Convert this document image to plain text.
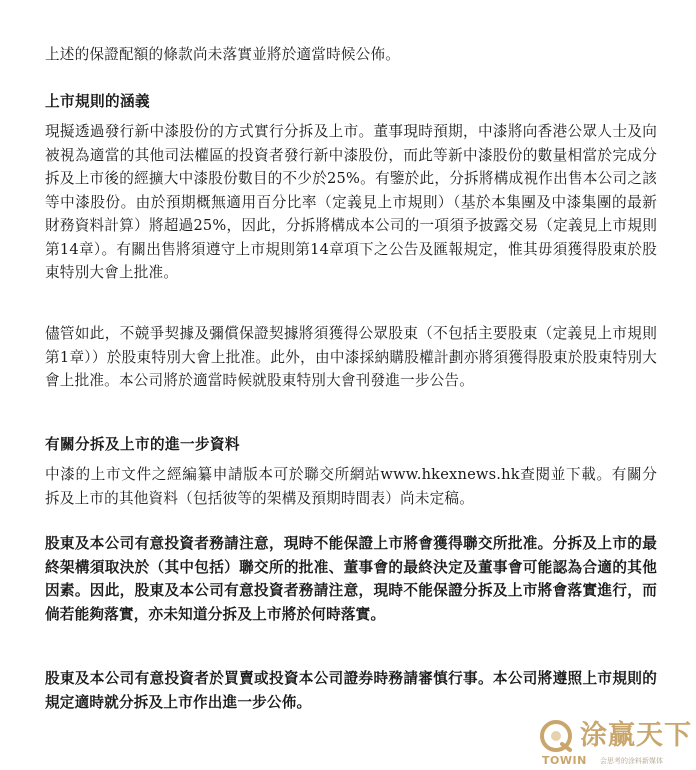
上述的保證配額的條款尚未落實並將於適當時候公佈。

上市規則的涵義

現擬透過發行新中漆股份的方式實行分拆及上市。董事現時預期，中漆將向香港公眾人士及向被視為適當的其他司法權區的投資者發行新中漆股份，而此等新中漆股份的數量相當於完成分拆及上市後的經擴大中漆股份數目的不少於25%。有鑒於此，分拆將構成視作出售本公司之該等中漆股份。由於預期概無適用百分比率（定義見上市規則）（基於本集團及中漆集團的最新財務資料計算）將超過25%，因此，分拆將構成本公司的一項須予披露交易（定義見上市規則第14章）。有關出售將須遵守上市規則第14章項下之公告及匯報規定，惟其毋須獲得股東於股東特別大會上批准。

儘管如此，不競爭契據及彌償保證契據將須獲得公眾股東（不包括主要股東（定義見上市規則第1章））於股東特別大會上批准。此外，由中漆採納購股權計劃亦將須獲得股東於股東特別大會上批准。本公司將於適當時候就股東特別大會刊發進一步公告。

有關分拆及上市的進一步資料

中漆的上市文件之經編纂申請版本可於聯交所網站www.hkexnews.hk查閱並下載。有關分拆及上市的其他資料（包括彼等的架構及預期時間表）尚未定稿。

股東及本公司有意投資者務請注意，現時不能保證上市將會獲得聯交所批准。分拆及上市的最終架構須取決於（其中包括）聯交所的批准、董事會的最終決定及董事會可能認為合適的其他因素。因此，股東及本公司有意投資者務請注意，現時不能保證分拆及上市將會落實進行，而倘若能夠落實，亦未知道分拆及上市將於何時落實。

股東及本公司有意投資者於買賣或投資本公司證券時務請審慎行事。本公司將遵照上市規則的規定適時就分拆及上市作出進一步公佈。

涂赢天下
TOWIN 会思考的涂料新媒体
